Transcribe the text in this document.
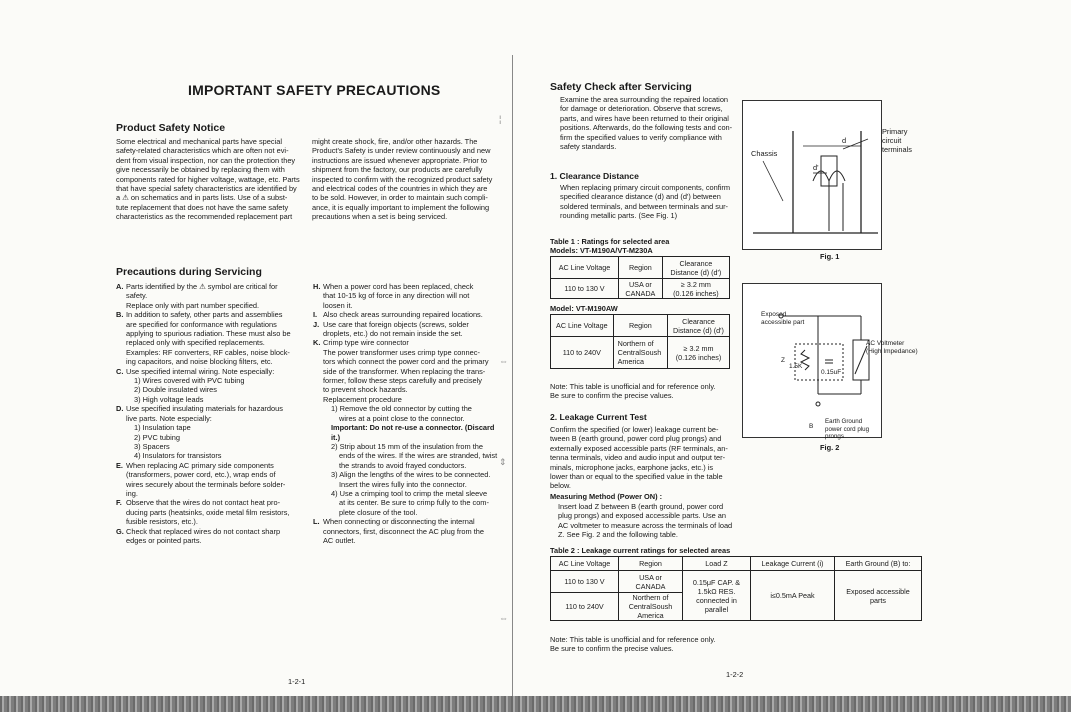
IMPORTANT SAFETY PRECAUTIONS
Product Safety Notice
Some electrical and mechanical parts have special
safety-related characteristics which are often not evi-
dent from visual inspection, nor can the protection they
give necessarily be obtained by replacing them with
components rated for higher voltage, wattage, etc. Parts
that have special safety characteristics are identified by
a ⚠ on schematics and in parts lists. Use of a subst-
tute replacement that does not have the same safety
characteristics as the recommended replacement part
might create shock, fire, and/or other hazards. The
Product's Safety is under review continuously and new
instructions are issued whenever appropriate. Prior to
shipment from the factory, our products are carefully
inspected to confirm with the recognized product safety
and electrical codes of the countries in which they are
to be sold. However, in order to maintain such compli-
ance, it is equally important to implement the following
precautions when a set is being serviced.
Precautions during Servicing
A. Parts identified by the ⚠ symbol are critical for
safety.
Replace only with part number specified.
B. In addition to safety, other parts and assemblies
are specified for conformance with regulations
applying to spurious radiation. These must also be
replaced only with specified replacements.
Examples: RF converters, RF cables, noise block-
ing capacitors, and noise blocking filters, etc.
C. Use specified internal wiring. Note especially:
1) Wires covered with PVC tubing
2) Double insulated wires
3) High voltage leads
D. Use specified insulating materials for hazardous
live parts. Note especially:
1) Insulation tape
2) PVC tubing
3) Spacers
4) Insulators for transistors
E. When replacing AC primary side components
(transformers, power cord, etc.), wrap ends of
wires securely about the terminals before solder-
ing.
F. Observe that the wires do not contact heat pro-
ducing parts (heatsinks, oxide metal film resistors,
fusible resistors, etc.).
G. Check that replaced wires do not contact sharp
edges or pointed parts.
H. When a power cord has been replaced, check
that 10-15 kg of force in any direction will not
loosen it.
I. Also check areas surrounding repaired locations.
J. Use care that foreign objects (screws, solder
droplets, etc.) do not remain inside the set.
K. Crimp type wire connector
The power transformer uses crimp type connec-
tors which connect the power cord and the primary
side of the transformer. When replacing the trans-
former, follow these steps carefully and precisely
to prevent shock hazards.
Replacement procedure
1) Remove the old connector by cutting the
wires at a point close to the connector.
Important: Do not re-use a connector. (Discard it.)
2) Strip about 15 mm of the insulation from the
ends of the wires. If the wires are stranded, twist
the strands to avoid frayed conductors.
3) Align the lengths of the wires to be connected.
Insert the wires fully into the connector.
4) Use a crimping tool to crimp the metal sleeve
at its center. Be sure to crimp fully to the com-
plete closure of the tool.
L. When connecting or disconnecting the internal
connectors, first, disconnect the AC plug from the
AC outlet.
1-2-1
¦
⇔
⇕
⇔
Safety Check after Servicing
Examine the area surrounding the repaired location
for damage or deterioration. Observe that screws,
parts, and wires have been returned to their original
positions. Afterwards, do the following tests and con-
firm the specified values to verify compliance with
safety standards.
1. Clearance Distance
When replacing primary circuit components, confirm
specified clearance distance (d) and (d') between
soldered terminals, and between terminals and sur-
rounding metallic parts. (See Fig. 1)
Table 1 : Ratings for selected area
Models: VT-M190A/VT-M230A
AC Line Voltage	Region	Clearance
Distance (d) (d')
110 to 130 V	USA or
CANADA	≥ 3.2 mm
(0.126 inches)
Model: VT-M190AW
AC Line Voltage	Region	Clearance
Distance (d) (d')
110 to 240V	Northern of
CentralSoush
America	≥ 3.2 mm
(0.126 inches)
Note: This table is unofficial and for reference only.
Be sure to confirm the precise values.
2. Leakage Current Test
Confirm the specified (or lower) leakage current be-
tween B (earth ground, power cord plug prongs) and
externally exposed accessible parts (RF terminals, an-
tenna terminals, video and audio input and output ter-
minals, microphone jacks, earphone jacks, etc.) is
lower than or equal to the specified value in the table
below.
Measuring Method (Power ON) :
Insert load Z between B (earth ground, power cord
plug prongs) and exposed accessible parts. Use an
AC voltmeter to measure across the terminals of load
Z. See Fig. 2 and the following table.
Table 2 : Leakage current ratings for selected areas
AC Line Voltage	Region	Load Z	Leakage Current (i)	Earth Ground (B) to:
110 to 130 V	USA or
CANADA	0.15μF CAP. &
1.5kΩ RES.
connected in
parallel	i≤0.5mA Peak	Exposed accessible parts
110 to 240V	Northern of
CentralSoush
America			
Note: This table is unofficial and for reference only.
Be sure to confirm the precise values.
1-2-2
Chassis
d
d'
Primary
circuit
terminals
Fig. 1
Exposed
accessible part
Z
1.5K
0.15uF
B
Earth Ground
power cord plug prongs
AC Voltmeter
(High Impedance)
Fig. 2
